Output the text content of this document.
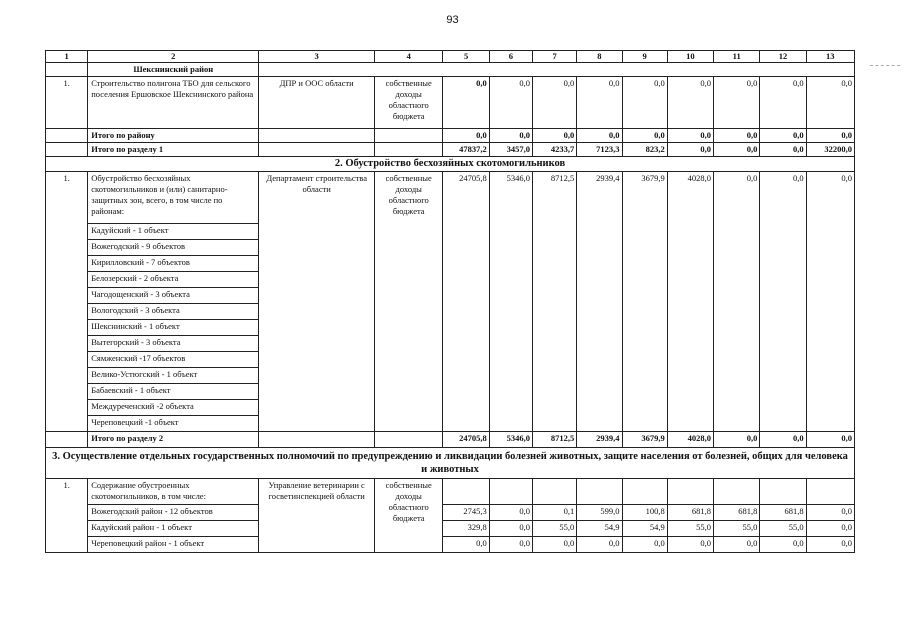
93
1	2	3	4	5	6	7	8	9	10	11	12	13
	Шекснинский район											
1.	Строительство полигона ТБО для сельского поселения Ершовское Шекснинского района	ДПР и ООС области	собственные доходы областного бюджета	0,0	0,0	0,0	0,0	0,0	0,0	0,0	0,0	0,0
	Итого по району			0,0	0,0	0,0	0,0	0,0	0,0	0,0	0,0	0,0
	Итого по разделу 1			47837,2	3457,0	4233,7	7123,3	823,2	0,0	0,0	0,0	32200,0
2. Обустройство бесхозяйных скотомогильников												
1.	Обустройство бесхозяйных скотомогильников и (или) санитарно-защитных зон, всего, в том числе по районам:	Департамент строительства области	собственные доходы областного бюджета	24705,8	5346,0	8712,5	2939,4	3679,9	4028,0	0,0	0,0	0,0
	Кадуйский - 1 объект											
	Вожегодский - 9 объектов											
	Кирилловский - 7 объектов											
	Белозерский - 2 объекта											
	Чагодощенский - 3 объекта											
	Вологодский - 3 объекта											
	Шекснинский - 1 объект											
	Вытегорский - 3 объекта											
	Сямженский -17 объектов											
	Велико-Устюгский - 1 объект											
	Бабаевский - 1 объект											
	Междуреченский -2 объекта											
	Череповецкий -1 объект											
	Итого по разделу 2			24705,8	5346,0	8712,5	2939,4	3679,9	4028,0	0,0	0,0	0,0
3. Осуществление отдельных государственных полномочий по предупреждению и ликвидации болезней животных, защите населения от болезней, общих для человека и животных												
1.	Содержание обустроенных скотомогильников, в том числе:	Управление ветеринарии с госветинспекцией области	собственные доходы областного бюджета									
	Вожегодский район - 12 объектов			2745,3	0,0	0,1	599,0	100,8	681,8	681,8	681,8	0,0
	Кадуйский район - 1 объект			329,8	0,0	55,0	54,9	54,9	55,0	55,0	55,0	0,0
	Череповецкий район - 1 объект			0,0	0,0	0,0	0,0	0,0	0,0	0,0	0,0	0,0
